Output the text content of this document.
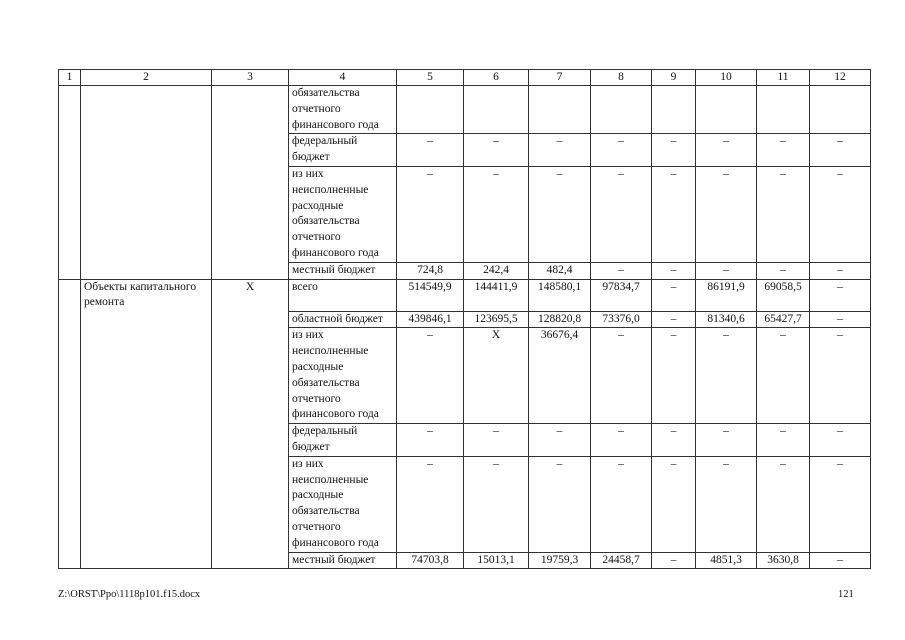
1	2	3	4	5	6	7	8	9	10	11	12
			обязательства отчетного финансового года								
			федеральный бюджет	–	–	–	–	–	–	–	–
			из них неисполненные расходные обязательства отчетного финансового года	–	–	–	–	–	–	–	–
			местный бюджет	724,8	242,4	482,4	–	–	–	–	–
	Объекты капитального ремонта	Х	всего	514549,9	144411,9	148580,1	97834,7	–	86191,9	69058,5	–
			областной бюджет	439846,1	123695,5	128820,8	73376,0	–	81340,6	65427,7	–
			из них неисполненные расходные обязательства отчетного финансового года	–	Х	36676,4	–	–	–	–	–
			федеральный бюджет	–	–	–	–	–	–	–	–
			из них неисполненные расходные обязательства отчетного финансового года	–	–	–	–	–	–	–	–
			местный бюджет	74703,8	15013,1	19759,3	24458,7	–	4851,3	3630,8	–
Z:\ORST\Ppo\1118p101.f15.docx	121
